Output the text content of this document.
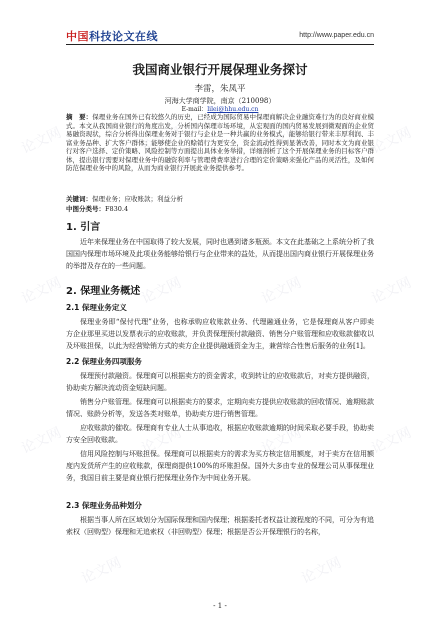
论文网	论文网	论文网	论文网
论文网	论文网	论文网	论文网
论文网	论文网	论文网	论文网
论文网	论文网
中国科技论文在线	http://www.paper.edu.cn
我国商业银行开展保理业务探讨
李雷，朱凤平
河海大学商学院，南京（210098）
E-mail：lilei@hhu.edu.cn
摘　要：保理业务在国外已有较悠久的历史，已经成为国际贸易中保理商解决企业融资难行为的良好商业模式。本文从我国商业银行的角度出发，分析国内保理市场环境，从宏观面的国内贸易发展到微观面的企业贸易融资现状，综合分析得出保理业务对于银行与企业是一种共赢的业务模式，能够给银行带来丰厚利润、丰富业务品种、扩大客户群体；能够使企业的赊销行为更安全，资金流动性得到显著改善，同时本文为商业银行对客户选择、定价策略、风险控制等方面提出具体业务举措，详细剖析了这个开展保理业务的目标客户群体，提出银行需要对保理业务中的融资利率与管理费费率进行合理的定价策略来强化产品的灵活性，及如何防范保理业务中的风险，从而为商业银行开展此业务提供参考。
关键词：保理业务；应收账款；利益分析
中图分类号：F830.4
1. 引言
近年来保理业务在中国取得了较大发展，同时也遇到诸多瓶颈。本文在此基础之上系统分析了我国国内保理市场环境及此项业务能够给银行与企业带来的益处，从而提出国内商业银行开展保理业务的举措及存在的一些问题。
2. 保理业务概述
2.1 保理业务定义
保理业务即“保付代理”业务，也称承购应收账款业务、代理融通业务，它是保理商从客户即卖方企业那里买进以发票表示的应收账款，并负责保理预付款融资、销售分户账管理和应收账款催收以及坏账担保，以此为经营赊销方式的卖方企业提供融通资金为主，兼营综合性售后服务的业务[1]。
2.2 保理业务四项服务
保理预付款融资。保理商可以根据卖方的资金需求，收到转让的应收账款后，对卖方提供融资，协助卖方解决流动资金短缺问题。
销售分户账管理。保理商可以根据卖方的要求，定期向卖方提供应收账款的回收情况、逾期账款情况、账龄分析等，发送各类对账单，协助卖方进行销售管理。
应收账款的催收。保理商有专业人士从事追收，根据应收账款逾期的时间采取必要手段，协助卖方安全回收账款。
信用风险控制与坏账担保。保理商可以根据卖方的需求为买方核定信用额度，对于卖方在信用额度内发货所产生的应收账款，保理商提供100%的坏账担保。国外大多由专业的保理公司从事保理业务，我国目前主要是商业银行把保理业务作为中间业务开展。
2.3 保理业务品种划分
根据当事人所在区域划分为国际保理和国内保理；根据委托者权益让渡程度的不同，可分为有追索权（回购型）保理和无追索权（非回购型）保理；根据是否公开保理银行的名称，
- 1 -
